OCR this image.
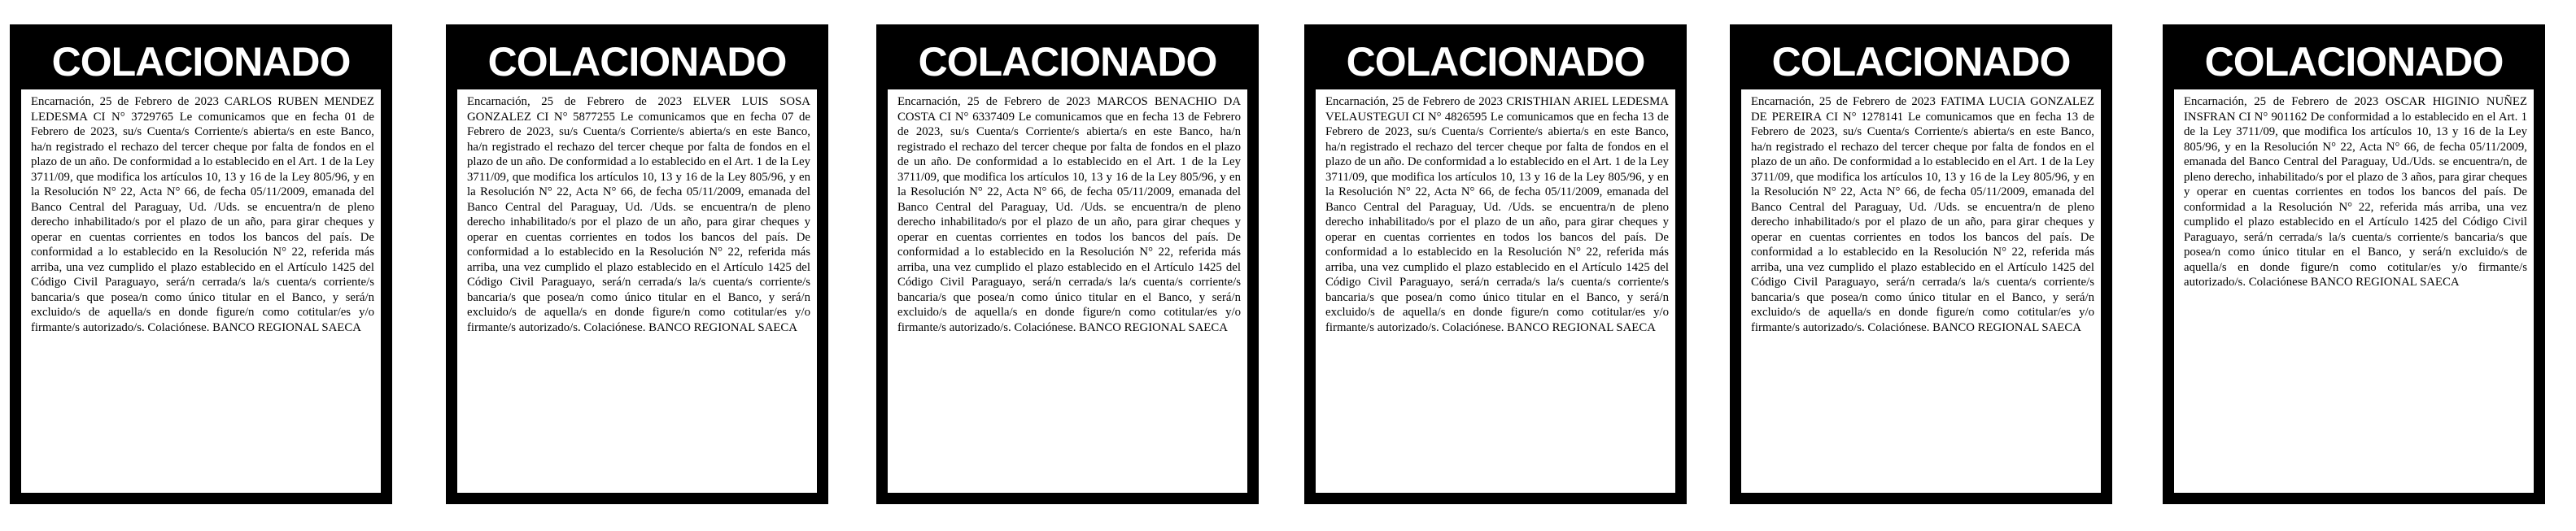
COLACIONADO
Encarnación, 25 de Febrero de 2023 CARLOS RUBEN MENDEZ LEDESMA CI N° 3729765 Le comunicamos que en fecha 01 de Febrero de 2023, su/s Cuenta/s Corriente/s abierta/s en este Banco, ha/n registrado el rechazo del tercer cheque por falta de fondos en el plazo de un año. De conformidad a lo establecido en el Art. 1 de la Ley 3711/09, que modifica los artículos 10, 13 y 16 de la Ley 805/96, y en la Resolución N° 22, Acta N° 66, de fecha 05/11/2009, emanada del Banco Central del Paraguay, Ud. /Uds. se encuentra/n de pleno derecho inhabilitado/s por el plazo de un año, para girar cheques y operar en cuentas corrientes en todos los bancos del país. De conformidad a lo establecido en la Resolución N° 22, referida más arriba, una vez cumplido el plazo establecido en el Artículo 1425 del Código Civil Paraguayo, será/n cerrada/s la/s cuenta/s corriente/s bancaria/s que posea/n como único titular en el Banco, y será/n excluido/s de aquella/s en donde figure/n como cotitular/es y/o firmante/s autorizado/s. Colaciónese. BANCO REGIONAL SAECA
COLACIONADO
Encarnación, 25 de Febrero de 2023 ELVER LUIS SOSA GONZALEZ CI N° 5877255 Le comunicamos que en fecha 07 de Febrero de 2023, su/s Cuenta/s Corriente/s abierta/s en este Banco, ha/n registrado el rechazo del tercer cheque por falta de fondos en el plazo de un año. De conformidad a lo establecido en el Art. 1 de la Ley 3711/09, que modifica los artículos 10, 13 y 16 de la Ley 805/96, y en la Resolución N° 22, Acta N° 66, de fecha 05/11/2009, emanada del Banco Central del Paraguay, Ud. /Uds. se encuentra/n de pleno derecho inhabilitado/s por el plazo de un año, para girar cheques y operar en cuentas corrientes en todos los bancos del país. De conformidad a lo establecido en la Resolución N° 22, referida más arriba, una vez cumplido el plazo establecido en el Artículo 1425 del Código Civil Paraguayo, será/n cerrada/s la/s cuenta/s corriente/s bancaria/s que posea/n como único titular en el Banco, y será/n excluido/s de aquella/s en donde figure/n como cotitular/es y/o firmante/s autorizado/s. Colaciónese. BANCO REGIONAL SAECA
COLACIONADO
Encarnación, 25 de Febrero de 2023 MARCOS BENACHIO DA COSTA CI N° 6337409 Le comunicamos que en fecha 13 de Febrero de 2023, su/s Cuenta/s Corriente/s abierta/s en este Banco, ha/n registrado el rechazo del tercer cheque por falta de fondos en el plazo de un año. De conformidad a lo establecido en el Art. 1 de la Ley 3711/09, que modifica los artículos 10, 13 y 16 de la Ley 805/96, y en la Resolución N° 22, Acta N° 66, de fecha 05/11/2009, emanada del Banco Central del Paraguay, Ud. /Uds. se encuentra/n de pleno derecho inhabilitado/s por el plazo de un año, para girar cheques y operar en cuentas corrientes en todos los bancos del país. De conformidad a lo establecido en la Resolución N° 22, referida más arriba, una vez cumplido el plazo establecido en el Artículo 1425 del Código Civil Paraguayo, será/n cerrada/s la/s cuenta/s corriente/s bancaria/s que posea/n como único titular en el Banco, y será/n excluido/s de aquella/s en donde figure/n como cotitular/es y/o firmante/s autorizado/s. Colaciónese. BANCO REGIONAL SAECA
COLACIONADO
Encarnación, 25 de Febrero de 2023 CRISTHIAN ARIEL LEDESMA VELAUSTEGUI CI N° 4826595 Le comunicamos que en fecha 13 de Febrero de 2023, su/s Cuenta/s Corriente/s abierta/s en este Banco, ha/n registrado el rechazo del tercer cheque por falta de fondos en el plazo de un año. De conformidad a lo establecido en el Art. 1 de la Ley 3711/09, que modifica los artículos 10, 13 y 16 de la Ley 805/96, y en la Resolución N° 22, Acta N° 66, de fecha 05/11/2009, emanada del Banco Central del Paraguay, Ud. /Uds. se encuentra/n de pleno derecho inhabilitado/s por el plazo de un año, para girar cheques y operar en cuentas corrientes en todos los bancos del país. De conformidad a lo establecido en la Resolución N° 22, referida más arriba, una vez cumplido el plazo establecido en el Artículo 1425 del Código Civil Paraguayo, será/n cerrada/s la/s cuenta/s corriente/s bancaria/s que posea/n como único titular en el Banco, y será/n excluido/s de aquella/s en donde figure/n como cotitular/es y/o firmante/s autorizado/s. Colaciónese. BANCO REGIONAL SAECA
COLACIONADO
Encarnación, 25 de Febrero de 2023 FATIMA LUCIA GONZALEZ DE PEREIRA CI N° 1278141 Le comunicamos que en fecha 13 de Febrero de 2023, su/s Cuenta/s Corriente/s abierta/s en este Banco, ha/n registrado el rechazo del tercer cheque por falta de fondos en el plazo de un año. De conformidad a lo establecido en el Art. 1 de la Ley 3711/09, que modifica los artículos 10, 13 y 16 de la Ley 805/96, y en la Resolución N° 22, Acta N° 66, de fecha 05/11/2009, emanada del Banco Central del Paraguay, Ud. /Uds. se encuentra/n de pleno derecho inhabilitado/s por el plazo de un año, para girar cheques y operar en cuentas corrientes en todos los bancos del país. De conformidad a lo establecido en la Resolución N° 22, referida más arriba, una vez cumplido el plazo establecido en el Artículo 1425 del Código Civil Paraguayo, será/n cerrada/s la/s cuenta/s corriente/s bancaria/s que posea/n como único titular en el Banco, y será/n excluido/s de aquella/s en donde figure/n como cotitular/es y/o firmante/s autorizado/s. Colaciónese. BANCO REGIONAL SAECA
COLACIONADO
Encarnación, 25 de Febrero de 2023 OSCAR HIGINIO NUÑEZ INSFRAN CI N° 901162 De conformidad a lo establecido en el Art. 1 de la Ley 3711/09, que modifica los artículos 10, 13 y 16 de la Ley 805/96, y en la Resolución N° 22, Acta N° 66, de fecha 05/11/2009, emanada del Banco Central del Paraguay, Ud./Uds. se encuentra/n, de pleno derecho, inhabilitado/s por el plazo de 3 años, para girar cheques y operar en cuentas corrientes en todos los bancos del país. De conformidad a la Resolución N° 22, referida más arriba, una vez cumplido el plazo establecido en el Artículo 1425 del Código Civil Paraguayo, será/n cerrada/s la/s cuenta/s corriente/s bancaria/s que posea/n como único titular en el Banco, y será/n excluido/s de aquella/s en donde figure/n como cotitular/es y/o firmante/s autorizado/s. Colaciónese BANCO REGIONAL SAECA
